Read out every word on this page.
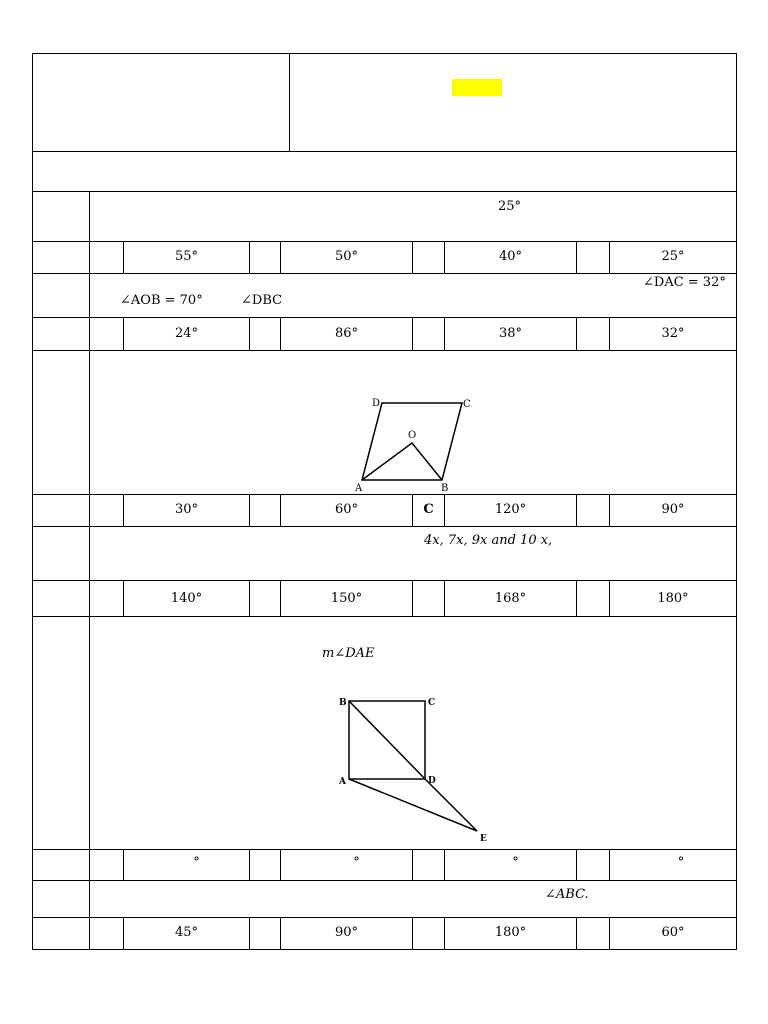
25°
55°	50°	40°	25°
∠DAC = 32°
∠AOB = 70°	∠DBC
24°	86°	38°	32°
D	C
O
A	B
30°	60°	C	120°	90°
4x, 7x, 9x and 10 x,
140°	150°	168°	180°
m∠DAE
B	C
A	D
E
°	°	°	°
∠ABC.
45°	90°	180°	60°
